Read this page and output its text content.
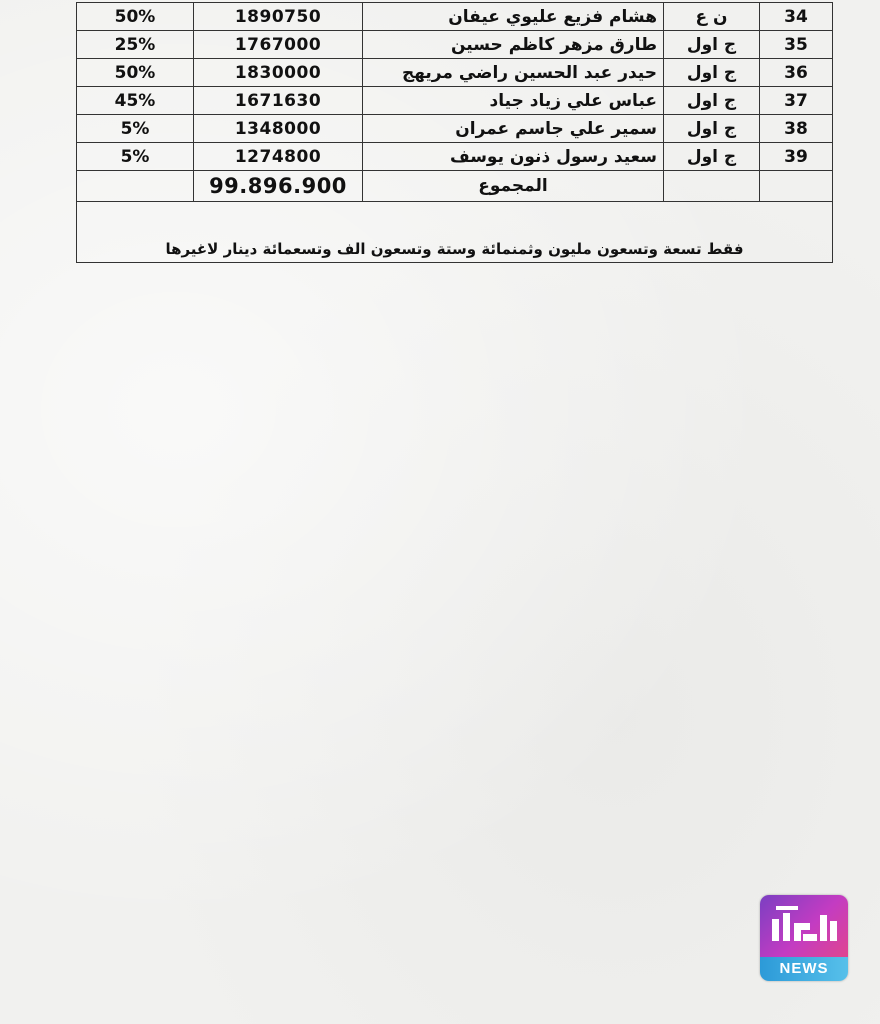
50%	1890750	هشام فزيع عليوي عيفان	ن ع	34
25%	1767000	طارق مزهر كاظم حسين	ج اول	35
50%	1830000	حيدر عبد الحسين راضي مريهج	ج اول	36
45%	1671630	عباس علي زياد جياد	ج اول	37
5%	1348000	سمير علي جاسم عمران	ج اول	38
5%	1274800	سعيد رسول ذنون يوسف	ج اول	39
	99.896.900	المجموع		

فقط تسعة وتسعون مليون وثمنمائة وستة وتسعون الف وتسعمائة دينار لاغيرها				
NEWS
